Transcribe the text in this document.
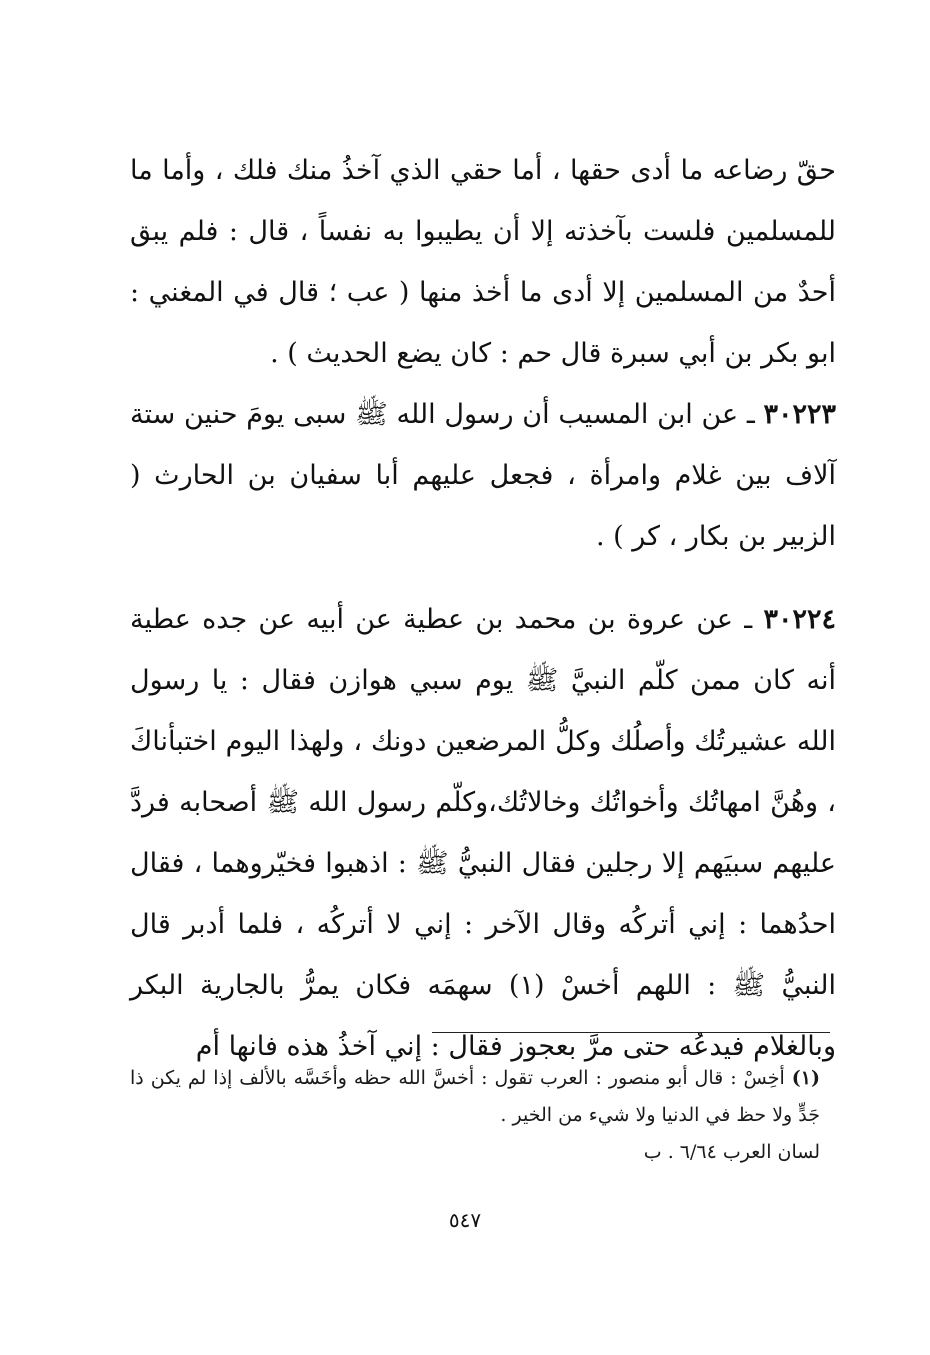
حقّ رضاعه ما أدى حقها ، أما حقي الذي آخذُ منك فلك ، وأما ما للمسلمين فلست بآخذته إلا أن يطيبوا به نفساً ، قال : فلم يبق أحدٌ من المسلمين إلا أدى ما أخذ منها ( عب ؛ قال في المغني : ابو بكر بن أبي سبرة قال حم : كان يضع الحديث ) .

٣٠٢٢٣ ـ عن ابن المسيب أن رسول الله ﷺ سبى يومَ حنين ستة آلاف بين غلام وامرأة ، فجعل عليهم أبا سفيان بن الحارث ( الزبير بن بكار ، كر ) .

٣٠٢٢٤ ـ عن عروة بن محمد بن عطية عن أبيه عن جده عطية أنه كان ممن كلّم النبيَّ ﷺ يوم سبي هوازن فقال : يا رسول الله عشيرتُك وأصلُك وكلُّ المرضعين دونك ، ولهذا اليوم اختبأناكَ ، وهُنَّ امهاتُك وأخواتُك وخالاتُك،وكلّم رسول الله ﷺ أصحابه فردَّ عليهم سبيَهم إلا رجلين فقال النبيُّ ﷺ : اذهبوا فخيّروهما ، فقال احدُهما : إني أتركُه وقال الآخر : إني لا أتركُه ، فلما أدبر قال النبيُّ ﷺ : اللهم أخسْ (١) سهمَه فكان يمرُّ بالجارية البكر وبالغلام فيدعُه حتى مرَّ بعجوز فقال : إني آخذُ هذه فانها أم

(١) أخِسْ : قال أبو منصور : العرب تقول : أخسَّ الله حظه وأخَسَّه بالألف إذا لم يكن ذا جَدٍّ ولا حظ في الدنيا ولا شيء من الخير .

لسان العرب ٦/٦٤ . ب

٥٤٧
